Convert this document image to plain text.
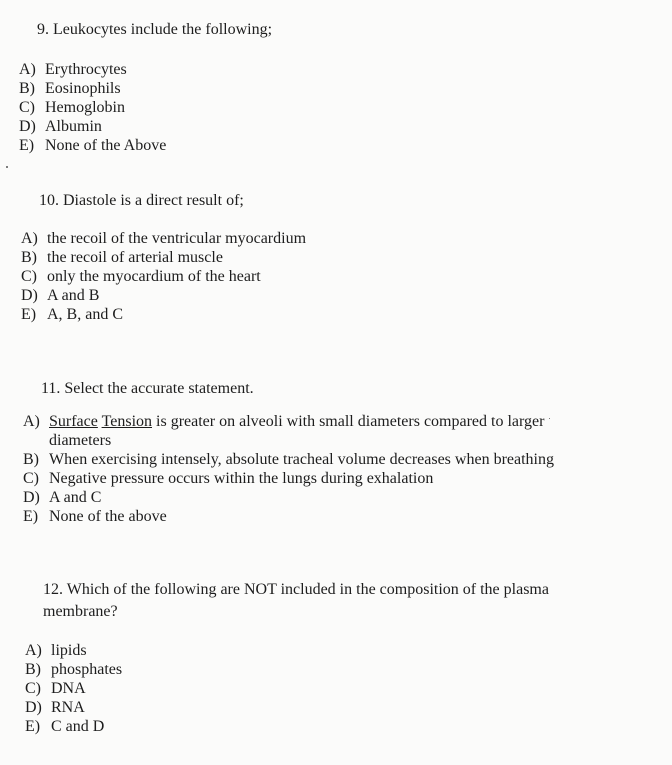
9. Leukocytes include the following;
A) Erythrocytes
B) Eosinophils
C) Hemoglobin
D) Albumin
E) None of the Above
10. Diastole is a direct result of;
A) the recoil of the ventricular myocardium
B) the recoil of arterial muscle
C) only the myocardium of the heart
D) A and B
E) A, B, and C
11. Select the accurate statement.
A) Surface Tension is greater on alveoli with small diameters compared to larger diameters
B) When exercising intensely, absolute tracheal volume decreases when breathing
C) Negative pressure occurs within the lungs during exhalation
D) A and C
E) None of the above
12. Which of the following are NOT included in the composition of the plasma membrane?
A) lipids
B) phosphates
C) DNA
D) RNA
E) C and D
